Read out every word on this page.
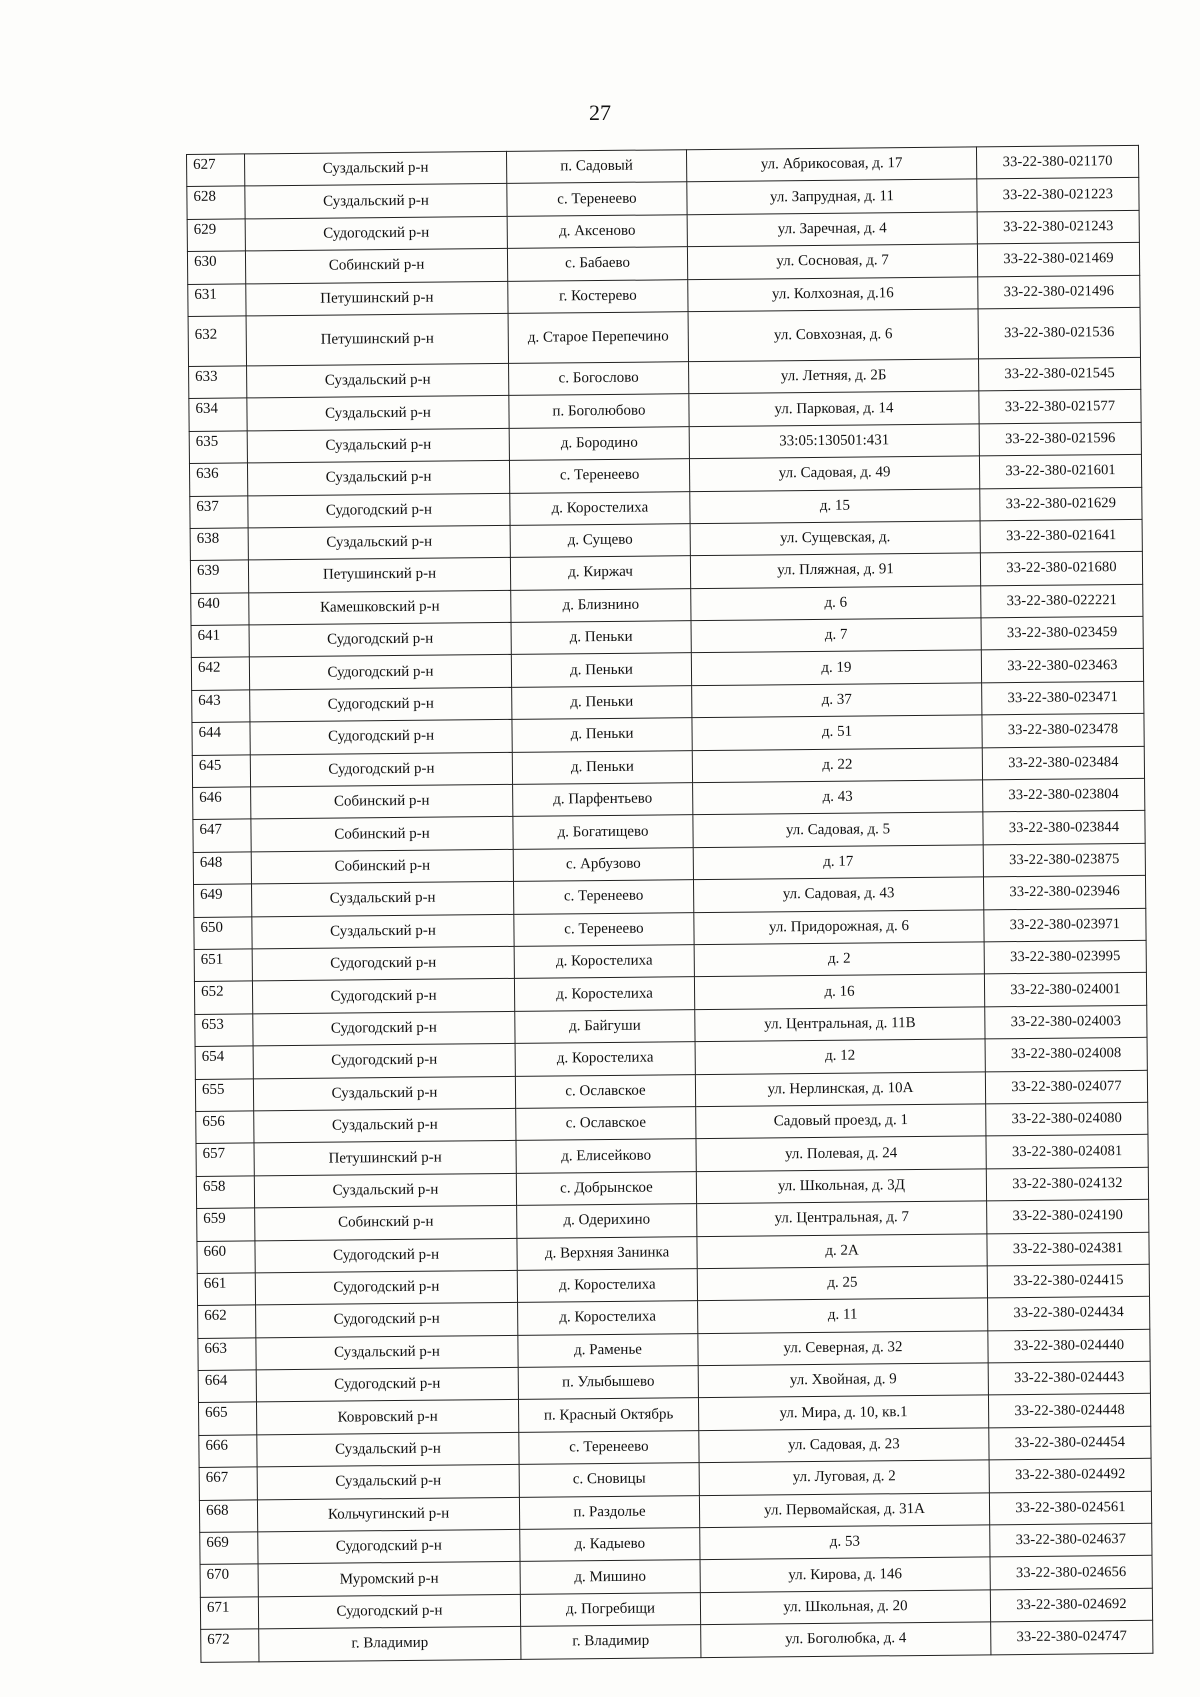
27
627	Суздальский р-н	п. Садовый	ул. Абрикосовая, д. 17	33-22-380-021170
628	Суздальский р-н	с. Теренеево	ул. Запрудная, д. 11	33-22-380-021223
629	Судогодский р-н	д. Аксеново	ул. Заречная, д. 4	33-22-380-021243
630	Собинский р-н	с. Бабаево	ул. Сосновая, д. 7	33-22-380-021469
631	Петушинский р-н	г. Костерево	ул. Колхозная, д.16	33-22-380-021496
632	Петушинский р-н	д. Старое Перепечино	ул. Совхозная, д. 6	33-22-380-021536
633	Суздальский р-н	с. Богослово	ул. Летняя, д. 2Б	33-22-380-021545
634	Суздальский р-н	п. Боголюбово	ул. Парковая, д. 14	33-22-380-021577
635	Суздальский р-н	д. Бородино	33:05:130501:431	33-22-380-021596
636	Суздальский р-н	с. Теренеево	ул. Садовая, д. 49	33-22-380-021601
637	Судогодский р-н	д. Коростелиха	д. 15	33-22-380-021629
638	Суздальский р-н	д. Сущево	ул. Сущевская, д.	33-22-380-021641
639	Петушинский р-н	д. Киржач	ул. Пляжная, д. 91	33-22-380-021680
640	Камешковский р-н	д. Близнино	д. 6	33-22-380-022221
641	Судогодский р-н	д. Пеньки	д. 7	33-22-380-023459
642	Судогодский р-н	д. Пеньки	д. 19	33-22-380-023463
643	Судогодский р-н	д. Пеньки	д. 37	33-22-380-023471
644	Судогодский р-н	д. Пеньки	д. 51	33-22-380-023478
645	Судогодский р-н	д. Пеньки	д. 22	33-22-380-023484
646	Собинский р-н	д. Парфентьево	д. 43	33-22-380-023804
647	Собинский р-н	д. Богатищево	ул. Садовая, д. 5	33-22-380-023844
648	Собинский р-н	с. Арбузово	д. 17	33-22-380-023875
649	Суздальский р-н	с. Теренеево	ул. Садовая, д. 43	33-22-380-023946
650	Суздальский р-н	с. Теренеево	ул. Придорожная, д. 6	33-22-380-023971
651	Судогодский р-н	д. Коростелиха	д. 2	33-22-380-023995
652	Судогодский р-н	д. Коростелиха	д. 16	33-22-380-024001
653	Судогодский р-н	д. Байгуши	ул. Центральная, д. 11В	33-22-380-024003
654	Судогодский р-н	д. Коростелиха	д. 12	33-22-380-024008
655	Суздальский р-н	с. Ославское	ул. Нерлинская, д. 10А	33-22-380-024077
656	Суздальский р-н	с. Ославское	Садовый проезд, д. 1	33-22-380-024080
657	Петушинский р-н	д. Елисейково	ул. Полевая, д. 24	33-22-380-024081
658	Суздальский р-н	с. Добрынское	ул. Школьная, д. 3Д	33-22-380-024132
659	Собинский р-н	д. Одерихино	ул. Центральная, д. 7	33-22-380-024190
660	Судогодский р-н	д. Верхняя Занинка	д. 2А	33-22-380-024381
661	Судогодский р-н	д. Коростелиха	д. 25	33-22-380-024415
662	Судогодский р-н	д. Коростелиха	д. 11	33-22-380-024434
663	Суздальский р-н	д. Раменье	ул. Северная, д. 32	33-22-380-024440
664	Судогодский р-н	п. Улыбышево	ул. Хвойная, д. 9	33-22-380-024443
665	Ковровский р-н	п. Красный Октябрь	ул. Мира, д. 10, кв.1	33-22-380-024448
666	Суздальский р-н	с. Теренеево	ул. Садовая, д. 23	33-22-380-024454
667	Суздальский р-н	с. Сновицы	ул. Луговая, д. 2	33-22-380-024492
668	Кольчугинский р-н	п. Раздолье	ул. Первомайская, д. 31А	33-22-380-024561
669	Судогодский р-н	д. Кадыево	д. 53	33-22-380-024637
670	Муромский р-н	д. Мишино	ул. Кирова, д. 146	33-22-380-024656
671	Судогодский р-н	д. Погребищи	ул. Школьная, д. 20	33-22-380-024692
672	г. Владимир	г. Владимир	ул. Боголюбка, д. 4	33-22-380-024747
